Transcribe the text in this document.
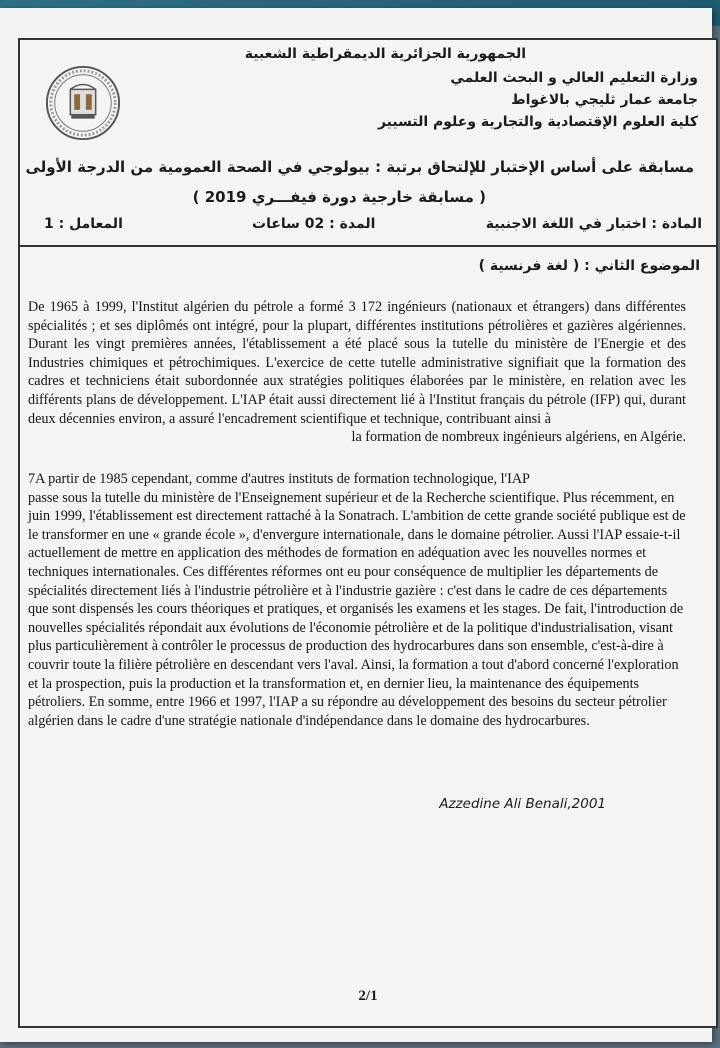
الجمهورية الجزائرية الديمقراطية الشعبية
وزارة التعليم العالي و البحث العلمي
جامعة عمار ثليجي بالاغواط
كلية العلوم الإقتصادية والتجارية وعلوم التسيير
مسابقة على أساس الإختبار للإلتحاق برتبة : بيولوجي في الصحة العمومية من الدرجة الأولى
( مسابقة خارجية دورة فيفـــري 2019 )
المادة : اختبار في اللغة الاجنبية
المدة : 02 ساعات
المعامل : 1
الموضوع الثاني : ( لغة فرنسية )

De 1965 à 1999, l'Institut algérien du pétrole a formé 3 172 ingénieurs (nationaux et étrangers) dans différentes spécialités ; et ses diplômés ont intégré, pour la plupart, différentes institutions pétrolières et gazières algériennes. Durant les vingt premières années, l'établissement a été placé sous la tutelle du ministère de l'Energie et des Industries chimiques et pétrochimiques. L'exercice de cette tutelle administrative signifiait que la formation des cadres et techniciens était subordonnée aux stratégies politiques élaborées par le ministère, en relation avec les différents plans de développement. L'IAP était aussi directement lié à l'Institut français du pétrole (IFP) qui, durant deux décennies environ, a assuré l'encadrement scientifique et technique, contribuant ainsi à

la formation de nombreux ingénieurs algériens, en Algérie.

7A partir de 1985 cependant, comme d'autres instituts de formation technologique, l'IAP

passe sous la tutelle du ministère de l'Enseignement supérieur et de la Recherche scientifique. Plus récemment, en juin 1999, l'établissement est directement rattaché à la Sonatrach. L'ambition de cette grande société publique est de le transformer en une « grande école », d'envergure internationale, dans le domaine pétrolier. Aussi l'IAP essaie-t-il actuellement de mettre en application des méthodes de formation en adéquation avec les nouvelles normes et techniques internationales. Ces différentes réformes ont eu pour conséquence de multiplier les départements de spécialités directement liés à l'industrie pétrolière et à l'industrie gazière : c'est dans le cadre de ces départements que sont dispensés les cours théoriques et pratiques, et organisés les examens et les stages. De fait, l'introduction de nouvelles spécialités répondait aux évolutions de l'économie pétrolière et de la politique d'industrialisation, visant plus particulièrement à contrôler le processus de production des hydrocarbures dans son ensemble, c'est-à-dire à couvrir toute la filière pétrolière en descendant vers l'aval. Ainsi, la formation a tout d'abord concerné l'exploration et la prospection, puis la production et la transformation et, en dernier lieu, la maintenance des équipements pétroliers. En somme, entre 1966 et 1997, l'IAP a su répondre au développement des besoins du secteur pétrolier algérien dans le cadre d'une stratégie nationale d'indépendance dans le domaine des hydrocarbures.

Azzedine Ali Benali,2001
2/1
